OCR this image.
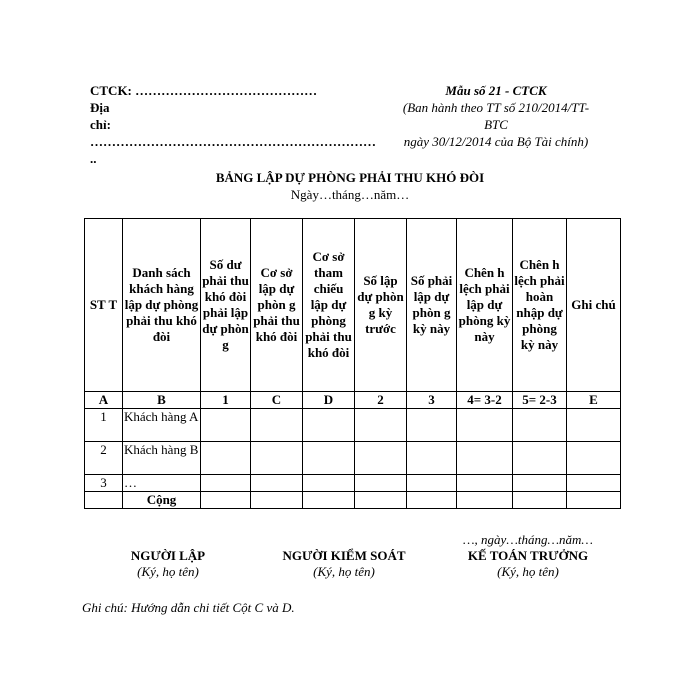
CTCK: ……………………………………
Địa
chỉ: …………………………………………………………
..
Mẫu số 21 - CTCK
(Ban hành theo TT số 210/2014/TT-
BTC
ngày 30/12/2014 của Bộ Tài chính)
BẢNG LẬP DỰ PHÒNG PHẢI THU KHÓ ĐÒI
Ngày…tháng…năm…
ST T	Danh sách khách hàng lập dự phòng phải thu khó đòi	Số dư phải thu khó đòi phải lập dự phòn g	Cơ sở lập dự phòn g phải thu khó đòi	Cơ sở tham chiếu lập dự phòng phải thu khó đòi	Số lập dự phòn g kỳ trước	Số phải lập dự phòn g kỳ này	Chên h lệch phải lập dự phòng kỳ này	Chên h lệch phải hoàn nhập dự phòng kỳ này	Ghi chú
A	B	1	C	D	2	3	4= 3-2	5= 2-3	E
1	Khách hàng A								
2	Khách hàng B								
3	…								
	Cộng								
…, ngày…tháng…năm…
NGƯỜI LẬP
(Ký, họ tên)
NGƯỜI KIỂM SOÁT
(Ký, họ tên)
KẾ TOÁN TRƯỞNG
(Ký, họ tên)
Ghi chú: Hướng dẫn chi tiết Cột C và D.
